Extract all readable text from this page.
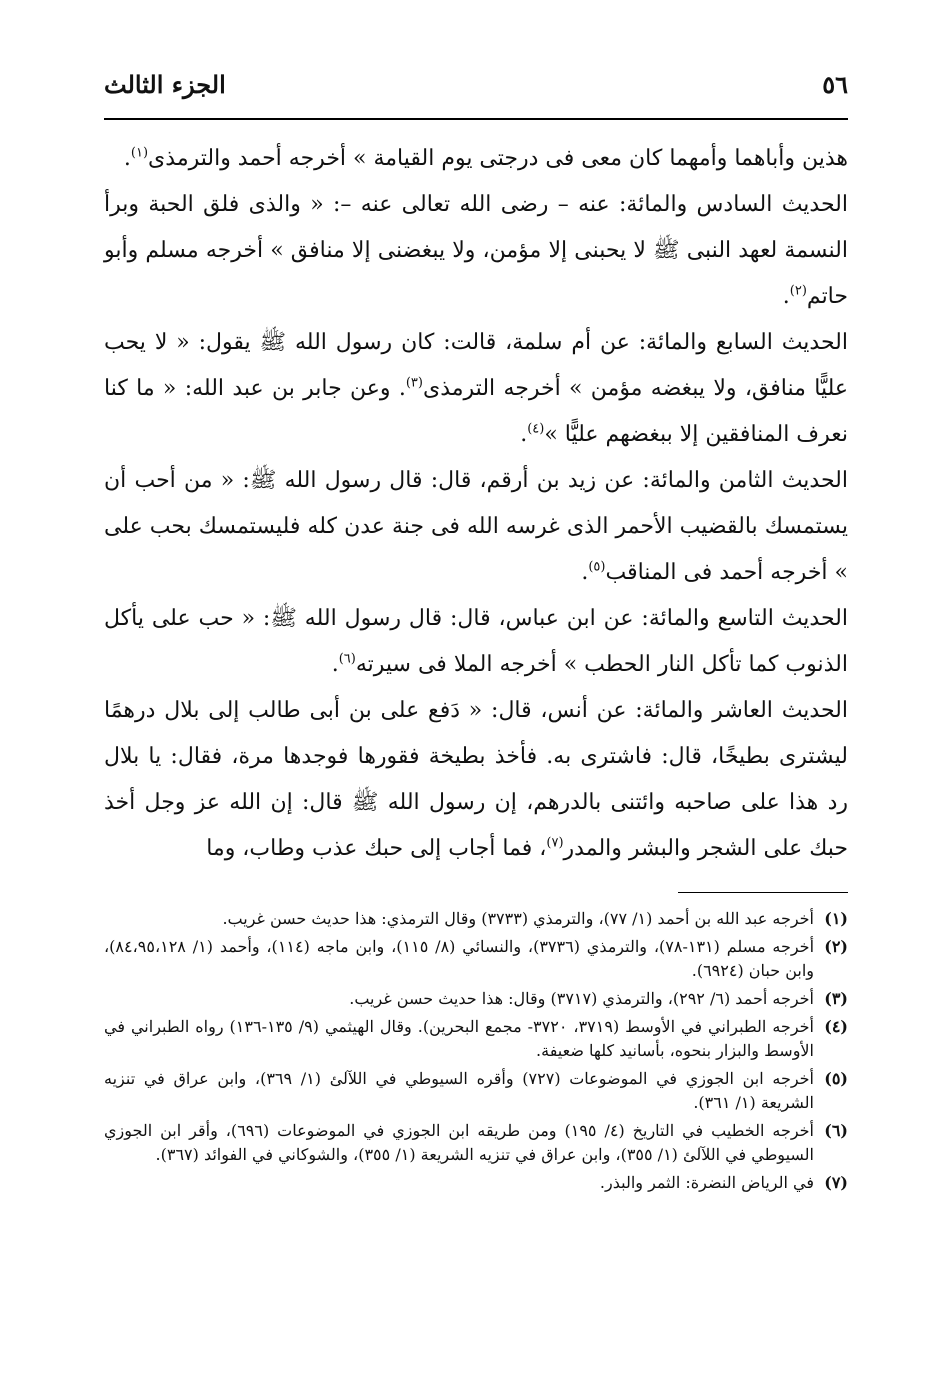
٥٦
الجزء الثالث

هذين وأباهما وأمهما كان معى فى درجتى يوم القيامة » أخرجه أحمد والترمذى$^{(١)}$.

الحديث السادس والمائة: عنه – رضى الله تعالى عنه –: « والذى فلق الحبة وبرأ النسمة لعهد النبى ﷺ لا يحبنى إلا مؤمن، ولا يبغضنى إلا منافق » أخرجه مسلم وأبو حاتم$^{(٢)}$.

الحديث السابع والمائة: عن أم سلمة، قالت: كان رسول الله ﷺ يقول: « لا يحب عليًّا منافق، ولا يبغضه مؤمن » أخرجه الترمذى$^{(٣)}$. وعن جابر بن عبد الله: « ما كنا نعرف المنافقين إلا ببغضهم عليًّا »$^{(٤)}$.

الحديث الثامن والمائة: عن زيد بن أرقم، قال: قال رسول الله ﷺ: « من أحب أن يستمسك بالقضيب الأحمر الذى غرسه الله فى جنة عدن كله فليستمسك بحب على » أخرجه أحمد فى المناقب$^{(٥)}$.

الحديث التاسع والمائة: عن ابن عباس، قال: قال رسول الله ﷺ: « حب على يأكل الذنوب كما تأكل النار الحطب » أخرجه الملا فى سيرته$^{(٦)}$.

الحديث العاشر والمائة: عن أنس، قال: « دَفع على بن أبى طالب إلى بلال درهمًا ليشترى بطيخًا، قال: فاشترى به. فأخذ بطيخة فقورها فوجدها مرة، فقال: يا بلال رد هذا على صاحبه وائتنى بالدرهم، إن رسول الله ﷺ قال: إن الله عز وجل أخذ حبك على الشجر والبشر والمدر$^{(٧)}$، فما أجاب إلى حبك عذب وطاب، وما

(١)
أخرجه عبد الله بن أحمد (١/ ٧٧)، والترمذي (٣٧٣٣) وقال الترمذي: هذا حديث حسن غريب.
(٢)
أخرجه مسلم (١٣١-٧٨)، والترمذي (٣٧٣٦)، والنسائي (٨/ ١١٥)، وابن ماجه (١١٤)، وأحمد (١/ ٨٤،٩٥،١٢٨)، وابن حبان (٦٩٢٤).
(٣)
أخرجه أحمد (٦/ ٢٩٢)، والترمذي (٣٧١٧) وقال: هذا حديث حسن غريب.
(٤)
أخرجه الطبراني في الأوسط (٣٧١٩، ٣٧٢٠- مجمع البحرين). وقال الهيثمي (٩/ ١٣٥-١٣٦) رواه الطبراني في الأوسط والبزار بنحوه، بأسانيد كلها ضعيفة.
(٥)
أخرجه ابن الجوزي في الموضوعات (٧٢٧) وأقره السيوطي في اللآلئ (١/ ٣٦٩)، وابن عراق في تنزيه الشريعة (١/ ٣٦١).
(٦)
أخرجه الخطيب في التاريخ (٤/ ١٩٥) ومن طريقه ابن الجوزي في الموضوعات (٦٩٦)، وأقر ابن الجوزي السيوطي في اللآلئ (١/ ٣٥٥)، وابن عراق في تنزيه الشريعة (١/ ٣٥٥)، والشوكاني في الفوائد (٣٦٧).
(٧)
في الرياض النضرة: الثمر والبذر.
